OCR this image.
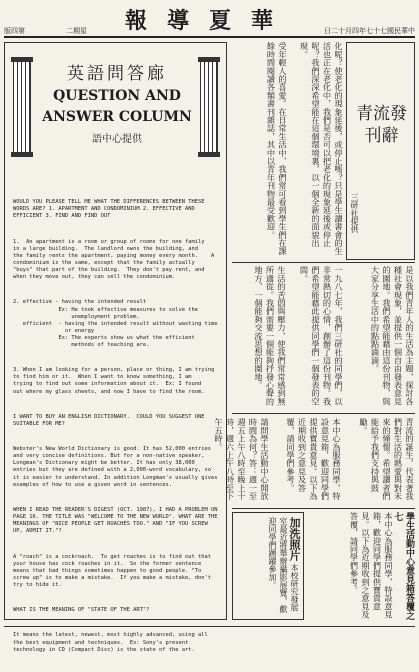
版四第	二期星 報導夏華	日二十月四年七十七國民華中
英語問答廊
QUESTION AND
ANSWER COLUMN
語中心提供

WOULD YOU PLEASE TELL ME WHAT THE DIFFERENCES BETWEEN THESE WORDS ARE? 1. APARTMENT AND CONDOMINIUM 2. EFFECTIVE AND EFFICIENT 3. FIND AND FIND OUT

1.  An apartment is a room or group of rooms for one family    in a large building.  The landlord owns the building, and    the family rents the apartment, paying money every month.    A condominium is the same, except that the family actually    "buys" that part of the building.  They don't pay rent, and    when they move out, they can sell the condominium.

2. effective - having the intended result
Ex: He took effective measures to solve the
unemployment problem.
efficient  - having the intended result without wasting time
or energy
Ex: The experts show us what the efficient
methods of teaching are.

3. When I am looking for a person, place or thing, I am trying    to find him or it.  When I want to know something, I am    trying to find out some information about it.  Ex: I found    out where my glass sheets, and now I have to find the room.

I WANT TO BUY AN ENGLISH DICTIONARY.  COULD YOU SUGGEST ONE SUITABLE FOR ME?

Webster's New World Dictionary is good. It has 52,000 entries and very concise definitions. But for a non-native speaker, Longman's Dictionary might be better. It has only 38,000 entries but they are defined with a 2,000-word vocabulary, so it is easier to understand. In addition Longman's usually gives examples of how to use a given word in sentences.

WHEN I READ THE READER'S DIGEST (OCT. 1987), I HAD A PROBLEM ON PAGE 16. THE TITLE WAS "WELCOME TO THE NEW WORLD". WHAT ARE THE MEANINGS OF "NICE PEOPLE GET ROACHES TOO." AND "IF YOU SCREW UP, ADMIT IT."?

A "roach" is a cockroach.  To get roaches is to find out that your house has cock roaches in it.  So the former sentence means that bad things sometimes happen to good people. "To screw up" is to make a mistake.  If you make a mistake, don't try to hide it.

WHAT IS THE MEANING OF "STATE OF THE ART"?

It means the latest, newest, most highly advanced, using all the best equipment and techniques.  Ex: Sony's present technology in CD (Compact Disc) is the state of the art.

青流發刊辭
三研社提供
化呢？使老化的現象延後，或停止嗎？只是學生讀書會的生活也正在老化中，我們是否可以把老化的現象延後或停止呢？我們深深希望能在這個環境裏，以一個全新的面貌出現。
受年輕人的喜愛。在日常生活中，我們常可看到學生們在課餘時間閱讀各類書刊雜誌，其中以青年刊物最受歡迎。
是以我們青年人的生活為主題，探討各種社會現象，並提供一個自由發表意見的園地。我們希望能藉由這份刊物，與大家分享生活中的點點滴滴。
一九八七年，我們三研社的同學們，以非常熱切的心情，創辦了這份刊物。我們希望能藉此提供同學們一個發表的空間。
生活的苦悶與壓力，使我們常常感到無所適從。我們需要一個能夠抒發心聲的地方，一個能夠交流思想的園地。
青流的誕生，代表著我們對生活的熱愛與對未來的憧憬。希望讀者們能給予我們支持與鼓勵。
本中心為服務同學，特設意見箱，歡迎同學們提供寶貴意見。以下為近期收到之意見及答覆，請同學們參考。
請問學生活動中心開放時間為何？答：週一至週五上午八時至晚上十時，週六上午八時至下午五時。
學生活動中心意見箱答覆之七
本中心為服務同學，特設意見箱，歡迎同學們提供寶貴意見。以下為近期收到之意見及答覆，請同學們參考。
加洗照片 本校研究發展室最近將舉辦攝影展覽，歡迎同學們踴躍參加。
